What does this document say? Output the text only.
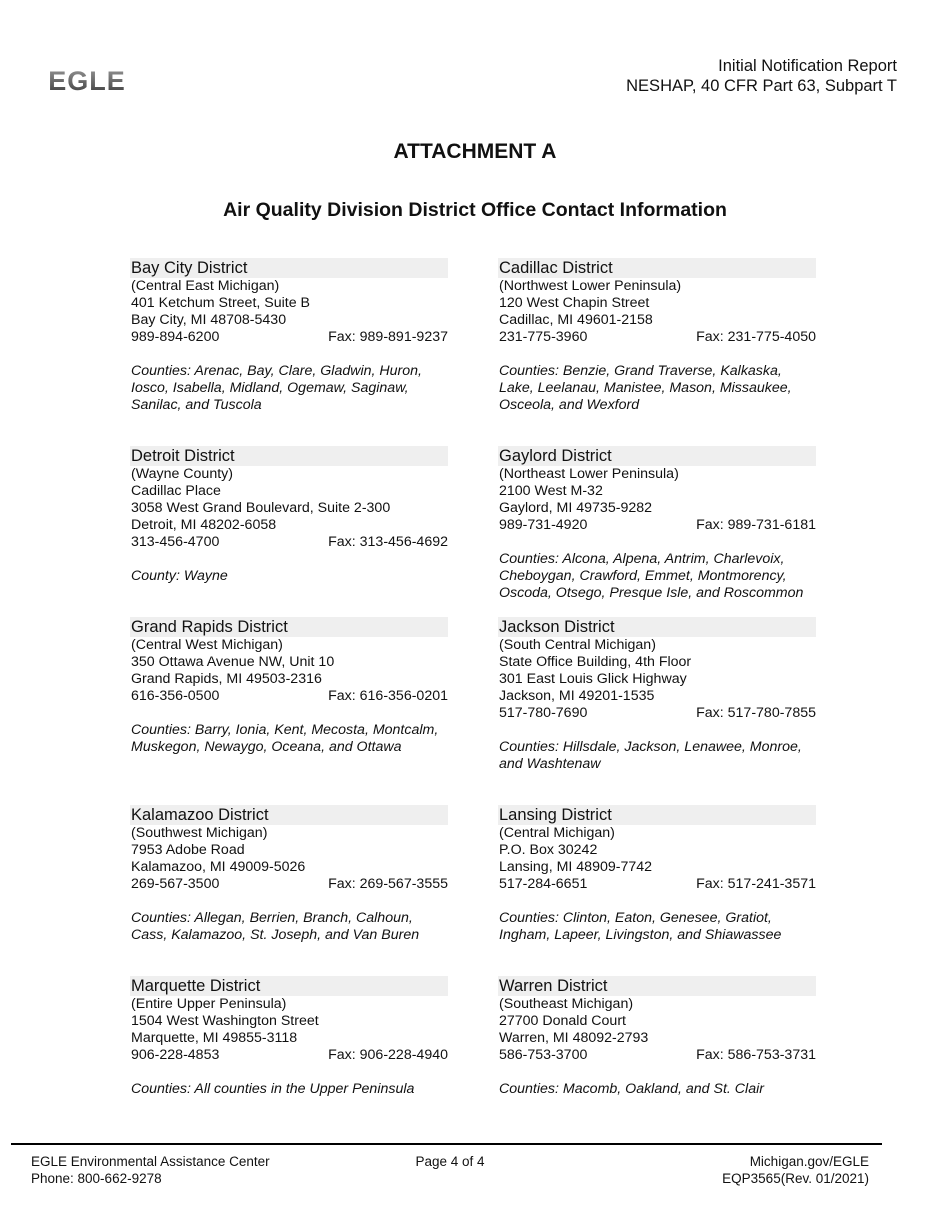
EGLE	Initial Notification Report
NESHAP, 40 CFR Part 63, Subpart T
ATTACHMENT A
Air Quality Division District Office Contact Information
Bay City District
(Central East Michigan)
401 Ketchum Street, Suite B
Bay City, MI 48708-5430
989-894-6200	Fax: 989-891-9237
Counties: Arenac, Bay, Clare, Gladwin, Huron, Iosco, Isabella, Midland, Ogemaw, Saginaw, Sanilac, and Tuscola
Cadillac District
(Northwest Lower Peninsula)
120 West Chapin Street
Cadillac, MI 49601-2158
231-775-3960	Fax: 231-775-4050
Counties: Benzie, Grand Traverse, Kalkaska, Lake, Leelanau, Manistee, Mason, Missaukee, Osceola, and Wexford
Detroit District
(Wayne County)
Cadillac Place
3058 West Grand Boulevard, Suite 2-300
Detroit, MI 48202-6058
313-456-4700	Fax: 313-456-4692
County: Wayne
Gaylord District
(Northeast Lower Peninsula)
2100 West M-32
Gaylord, MI 49735-9282
989-731-4920	Fax: 989-731-6181
Counties: Alcona, Alpena, Antrim, Charlevoix, Cheboygan, Crawford, Emmet, Montmorency, Oscoda, Otsego, Presque Isle, and Roscommon
Grand Rapids District
(Central West Michigan)
350 Ottawa Avenue NW, Unit 10
Grand Rapids, MI 49503-2316
616-356-0500	Fax: 616-356-0201
Counties: Barry, Ionia, Kent, Mecosta, Montcalm, Muskegon, Newaygo, Oceana, and Ottawa
Jackson District
(South Central Michigan)
State Office Building, 4th Floor
301 East Louis Glick Highway
Jackson, MI 49201-1535
517-780-7690	Fax: 517-780-7855
Counties: Hillsdale, Jackson, Lenawee, Monroe, and Washtenaw
Kalamazoo District
(Southwest Michigan)
7953 Adobe Road
Kalamazoo, MI 49009-5026
269-567-3500	Fax: 269-567-3555
Counties: Allegan, Berrien, Branch, Calhoun, Cass, Kalamazoo, St. Joseph, and Van Buren
Lansing District
(Central Michigan)
P.O. Box 30242
Lansing, MI 48909-7742
517-284-6651	Fax: 517-241-3571
Counties: Clinton, Eaton, Genesee, Gratiot, Ingham, Lapeer, Livingston, and Shiawassee
Marquette District
(Entire Upper Peninsula)
1504 West Washington Street
Marquette, MI 49855-3118
906-228-4853	Fax: 906-228-4940
Counties: All counties in the Upper Peninsula
Warren District
(Southeast Michigan)
27700 Donald Court
Warren, MI 48092-2793
586-753-3700	Fax: 586-753-3731
Counties: Macomb, Oakland, and St. Clair
EGLE Environmental Assistance Center
Phone: 800-662-9278
Page 4 of 4	Michigan.gov/EGLE
EQP3565(Rev. 01/2021)
